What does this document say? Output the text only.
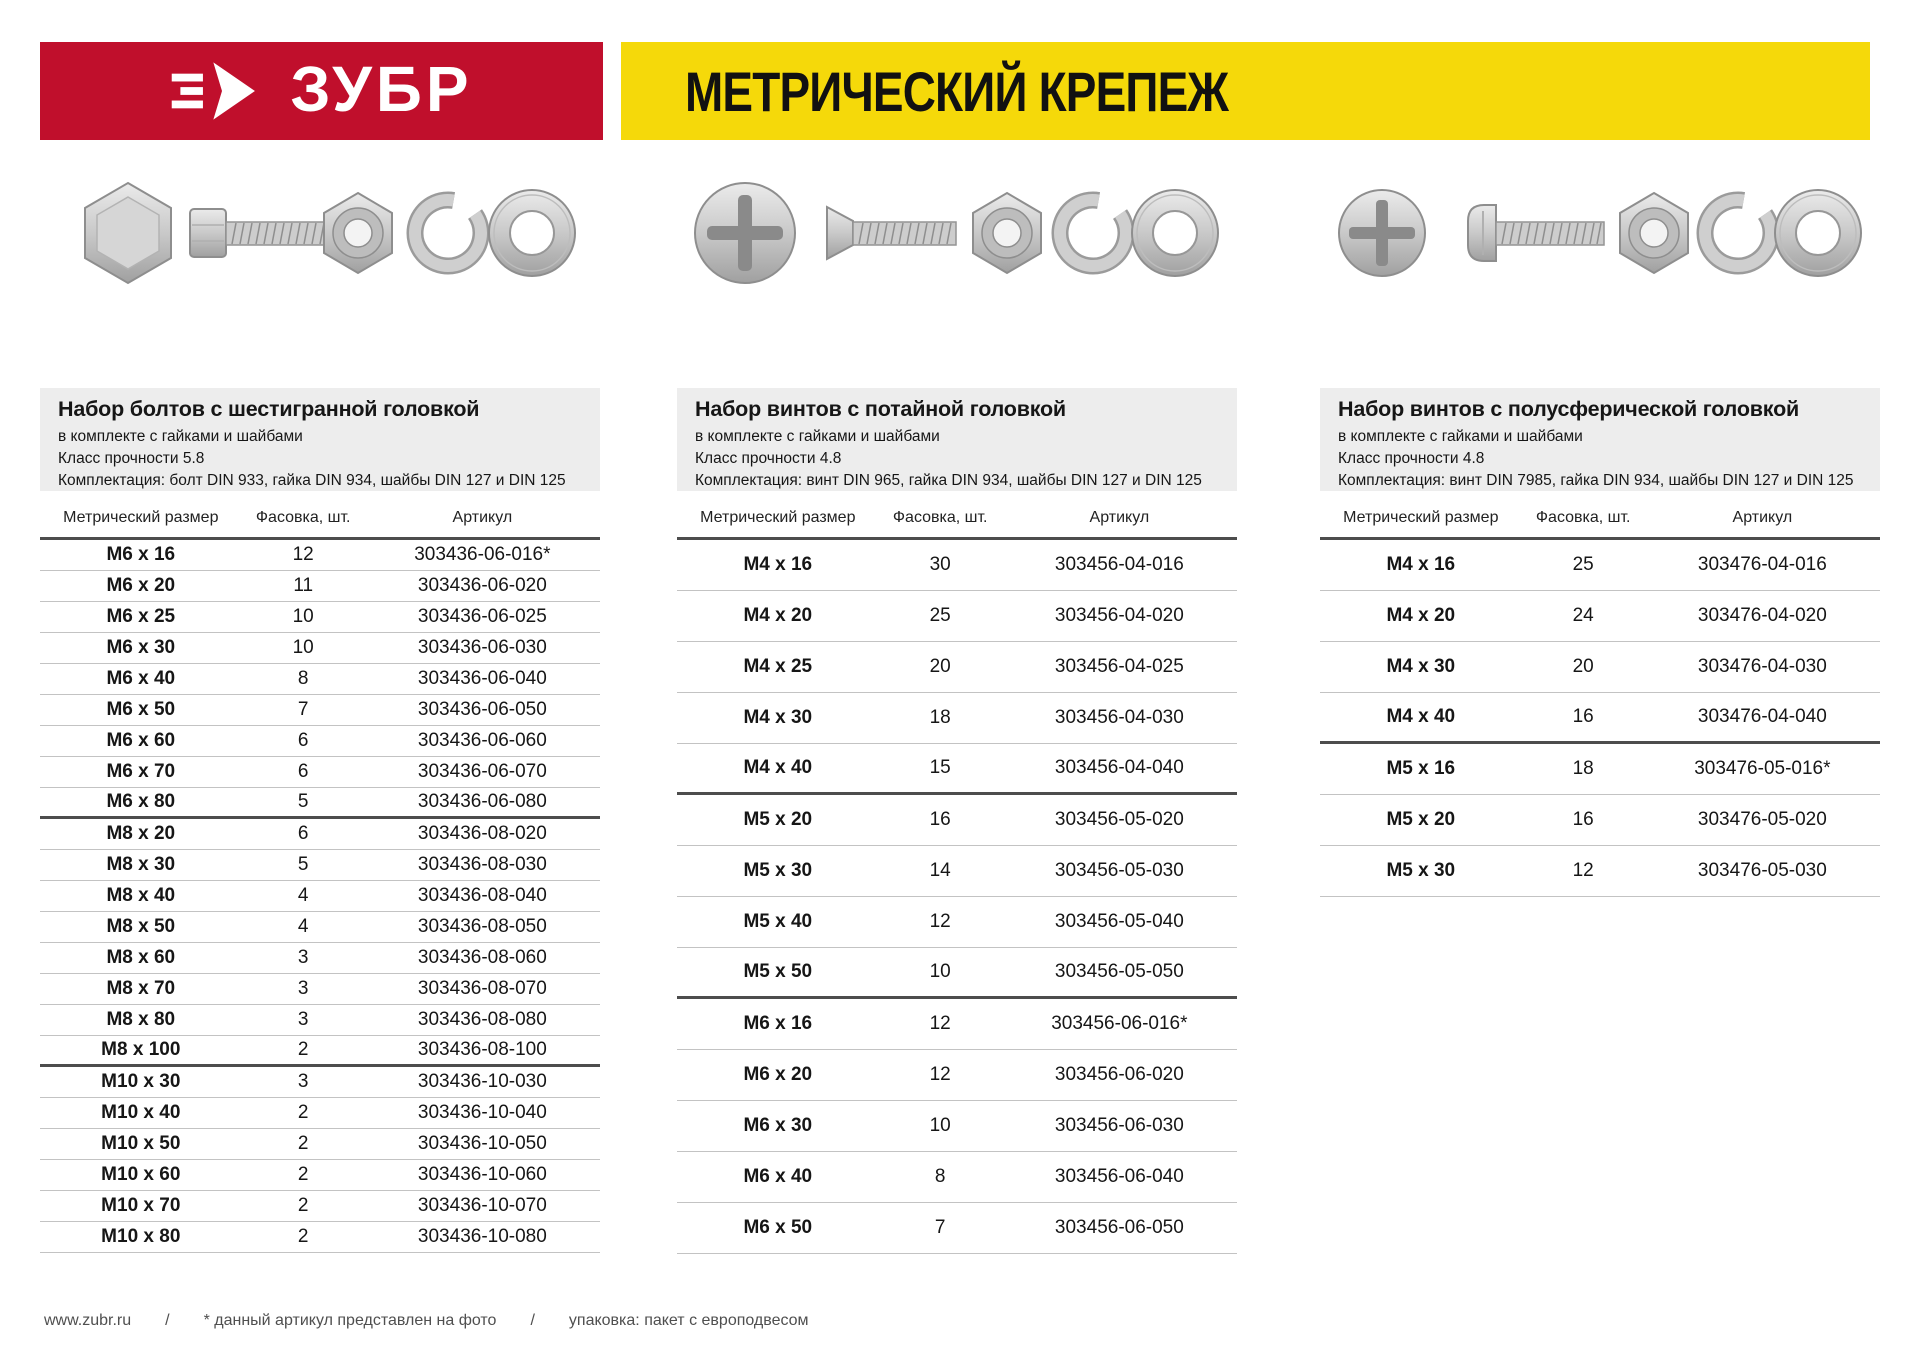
ЗУБР	МЕТРИЧЕСКИЙ КРЕПЕЖ
Набор болтов с шестигранной головкой
в комплекте с гайками и шайбами
Класс прочности 5.8
Комплектация: болт DIN 933, гайка DIN 934, шайбы DIN 127 и DIN 125
Метрический размер	Фасовка, шт.	Артикул
М6 х 16	12	303436-06-016*
М6 х 20	11	303436-06-020
М6 х 25	10	303436-06-025
М6 х 30	10	303436-06-030
М6 х 40	8	303436-06-040
М6 х 50	7	303436-06-050
М6 х 60	6	303436-06-060
М6 х 70	6	303436-06-070
М6 х 80	5	303436-06-080
М8 х 20	6	303436-08-020
М8 х 30	5	303436-08-030
М8 х 40	4	303436-08-040
М8 х 50	4	303436-08-050
М8 х 60	3	303436-08-060
М8 х 70	3	303436-08-070
М8 х 80	3	303436-08-080
М8 х 100	2	303436-08-100
М10 х 30	3	303436-10-030
М10 х 40	2	303436-10-040
М10 х 50	2	303436-10-050
М10 х 60	2	303436-10-060
М10 х 70	2	303436-10-070
М10 х 80	2	303436-10-080
Набор винтов с потайной головкой
в комплекте с гайками и шайбами
Класс прочности 4.8
Комплектация: винт DIN 965, гайка DIN 934, шайбы DIN 127 и DIN 125
Метрический размер	Фасовка, шт.	Артикул
М4 х 16	30	303456-04-016
М4 х 20	25	303456-04-020
М4 х 25	20	303456-04-025
М4 х 30	18	303456-04-030
М4 х 40	15	303456-04-040
М5 х 20	16	303456-05-020
М5 х 30	14	303456-05-030
М5 х 40	12	303456-05-040
М5 х 50	10	303456-05-050
М6 х 16	12	303456-06-016*
М6 х 20	12	303456-06-020
М6 х 30	10	303456-06-030
М6 х 40	8	303456-06-040
М6 х 50	7	303456-06-050
Набор винтов с полусферической головкой
в комплекте с гайками и шайбами
Класс прочности 4.8
Комплектация: винт DIN 7985, гайка DIN 934, шайбы DIN 127 и DIN 125
Метрический размер	Фасовка, шт.	Артикул
М4 х 16	25	303476-04-016
М4 х 20	24	303476-04-020
М4 х 30	20	303476-04-030
М4 х 40	16	303476-04-040
М5 х 16	18	303476-05-016*
М5 х 20	16	303476-05-020
М5 х 30	12	303476-05-030
www.zubr.ru / * данный артикул представлен на фото / упаковка: пакет с европодвесом
